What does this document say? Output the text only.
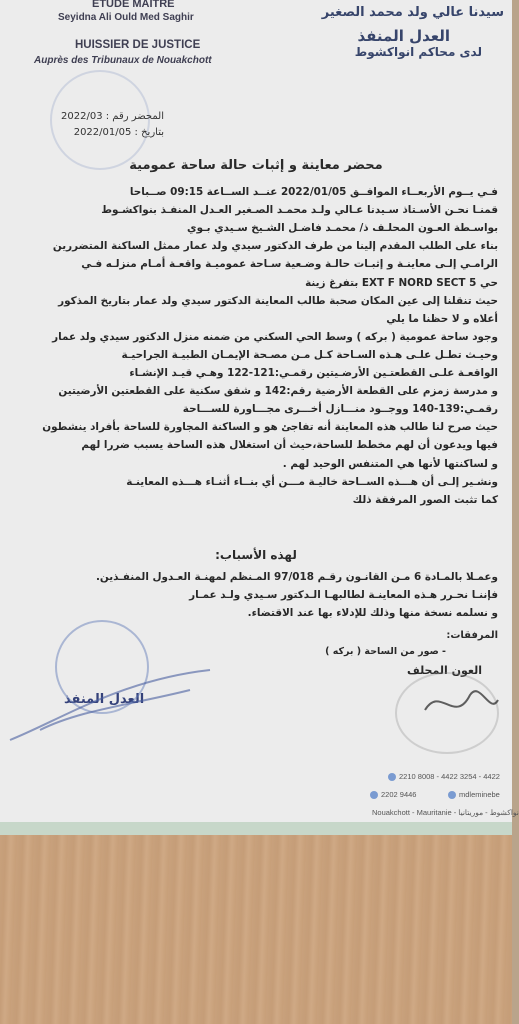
ETUDE MAITRE
Seyidna Ali Ould Med Saghir
HUISSIER DE JUSTICE
Auprès des Tribunaux de Nouakchott
سيدنا عالي ولد محمد الصغير
العدل المنفذ
لدى محاكم انواكشوط
المحضر رقم : 2022/03
بتاريخ : 2022/01/05
محضر معاينة و إثبات حالة ساحة عمومية
فـي يــوم الأربعــاء الموافــق 2022/01/05 عنــد الســاعة 09:15 صــباحا
قمنـا نحـن الأسـتاذ سـيدنا عـالي ولـد محمـد الصـغير العـدل المنفـذ بنواكشـوط
بواسـطة العـون المحلـف ذ/ محمـد فاضـل الشـيخ سـيدي بـوي
بناء على الطلب المقدم إلينا من طرف الدكتور سيدي ولد عمار ممثل الساكنة المتضررين
الرامـي إلـى معاينـة و إثبـات حالـة وضـعية سـاحة عموميـة واقعـة أمـام منزلـه فـي
حي EXT F NORD SECT 5 بتفرغ زينة
حيث تنقلنا إلى عين المكان صحبة طالب المعاينة الدكتور سيدي ولد عمار بتاريخ المذكور
أعلاه و لا حظنا ما يلي
وجود ساحة عمومية ( بركه ) وسط الحي السكني من ضمنه منزل الدكتور سيدي ولد عمار
وحيـث تطـل علـى هـذه السـاحة كـل مـن مصـحة الإيمـان الطبيـة الجراحيـة
الواقعـة علـى القطعتـين الأرضـيتين رقمـي:121-122 وهـي قيـد الإنشـاء
و مدرسة زمزم على القطعة الأرضية رقم:142 و شقق سكنية على القطعتين الأرضيتين
رقمـي:139-140 ووجــود منـــازل أخـــرى مجـــاورة للســـاحة
حيث صرح لنا طالب هذه المعاينة أنه تفاجئ هو و الساكنة المجاورة للساحة بأفراد ينشطون
فيها ويدعون أن لهم مخطط للساحة،حيث أن استغلال هذه الساحة يسبب ضررا لهم
و لساكنتها لأنها هي المتنفس الوحيد لهم .
ونشـير إلـى أن هـــذه الســاحة خاليـة مـــن أي بنــاء أثنـاء هـــذه المعاينـة
كما تثبت الصور المرفقة ذلك
لهذه الأسباب:
وعمـلا بالمـادة 6 مـن القانـون رقـم 97/018 المـنظم لمهنـة العـدول المنفـذين.
فإننـا نحـرر هـذه المعاينـة لطالبهـا الـدكتور سـيدي ولـد عمـار
و نسلمه نسخة منها وذلك للإدلاء بها عند الاقتضاء.
المرفقات:
- صور من الساحة ( بركه )
العدل المنفذ
العون المحلف
2210 8008 - 4422 3254 - 4422
2202 9446	mdleminebe
Nouakchott - Mauritanie - نواكشوط - موريتانيا
